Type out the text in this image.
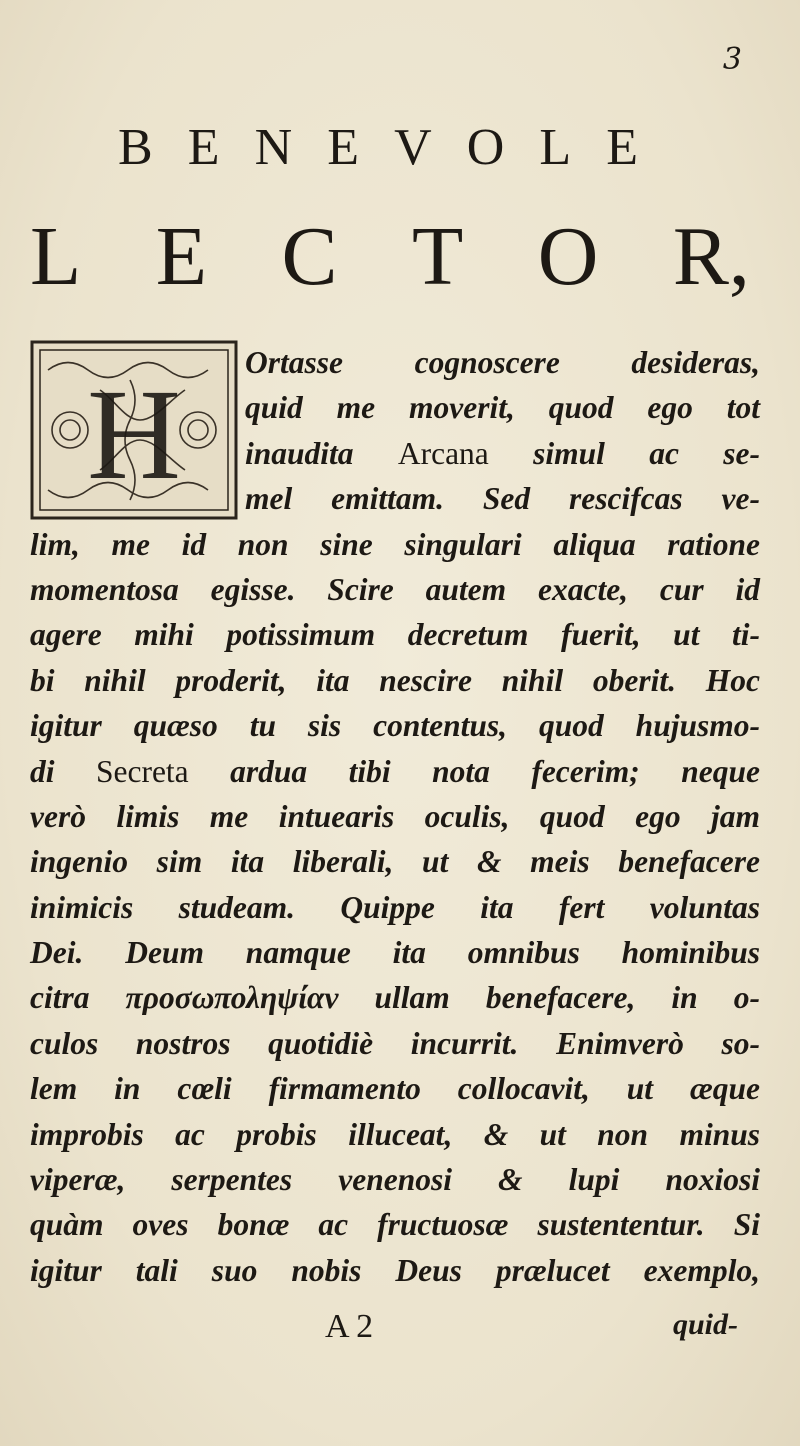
3
B E N E V O L E
L E C T O R,
H
Ortasse cognoscere desideras,
quid me moverit, quod ego tot
inaudita Arcana simul ac se-
mel emittam. Sed rescifcas ve-
lim, me id non sine singulari aliqua ratione
momentosa egisse. Scire autem exacte, cur id
agere mihi potissimum decretum fuerit, ut ti-
bi nihil proderit, ita nescire nihil oberit. Hoc
igitur quæso tu sis contentus, quod hujusmo-
di Secreta ardua tibi nota fecerim; neque
verò limis me intuearis oculis, quod ego jam
ingenio sim ita liberali, ut & meis benefacere
inimicis studeam. Quippe ita fert voluntas
Dei. Deum namque ita omnibus hominibus
citra προσωποληψίαν ullam benefacere, in o-
culos nostros quotidiè incurrit. Enimverò so-
lem in cœli firmamento collocavit, ut æque
improbis ac probis illuceat, & ut non minus
viperæ, serpentes venenosi & lupi noxiosi
quàm oves bonæ ac fructuosæ sustententur. Si
igitur tali suo nobis Deus prælucet exemplo,
A 2	quid-
